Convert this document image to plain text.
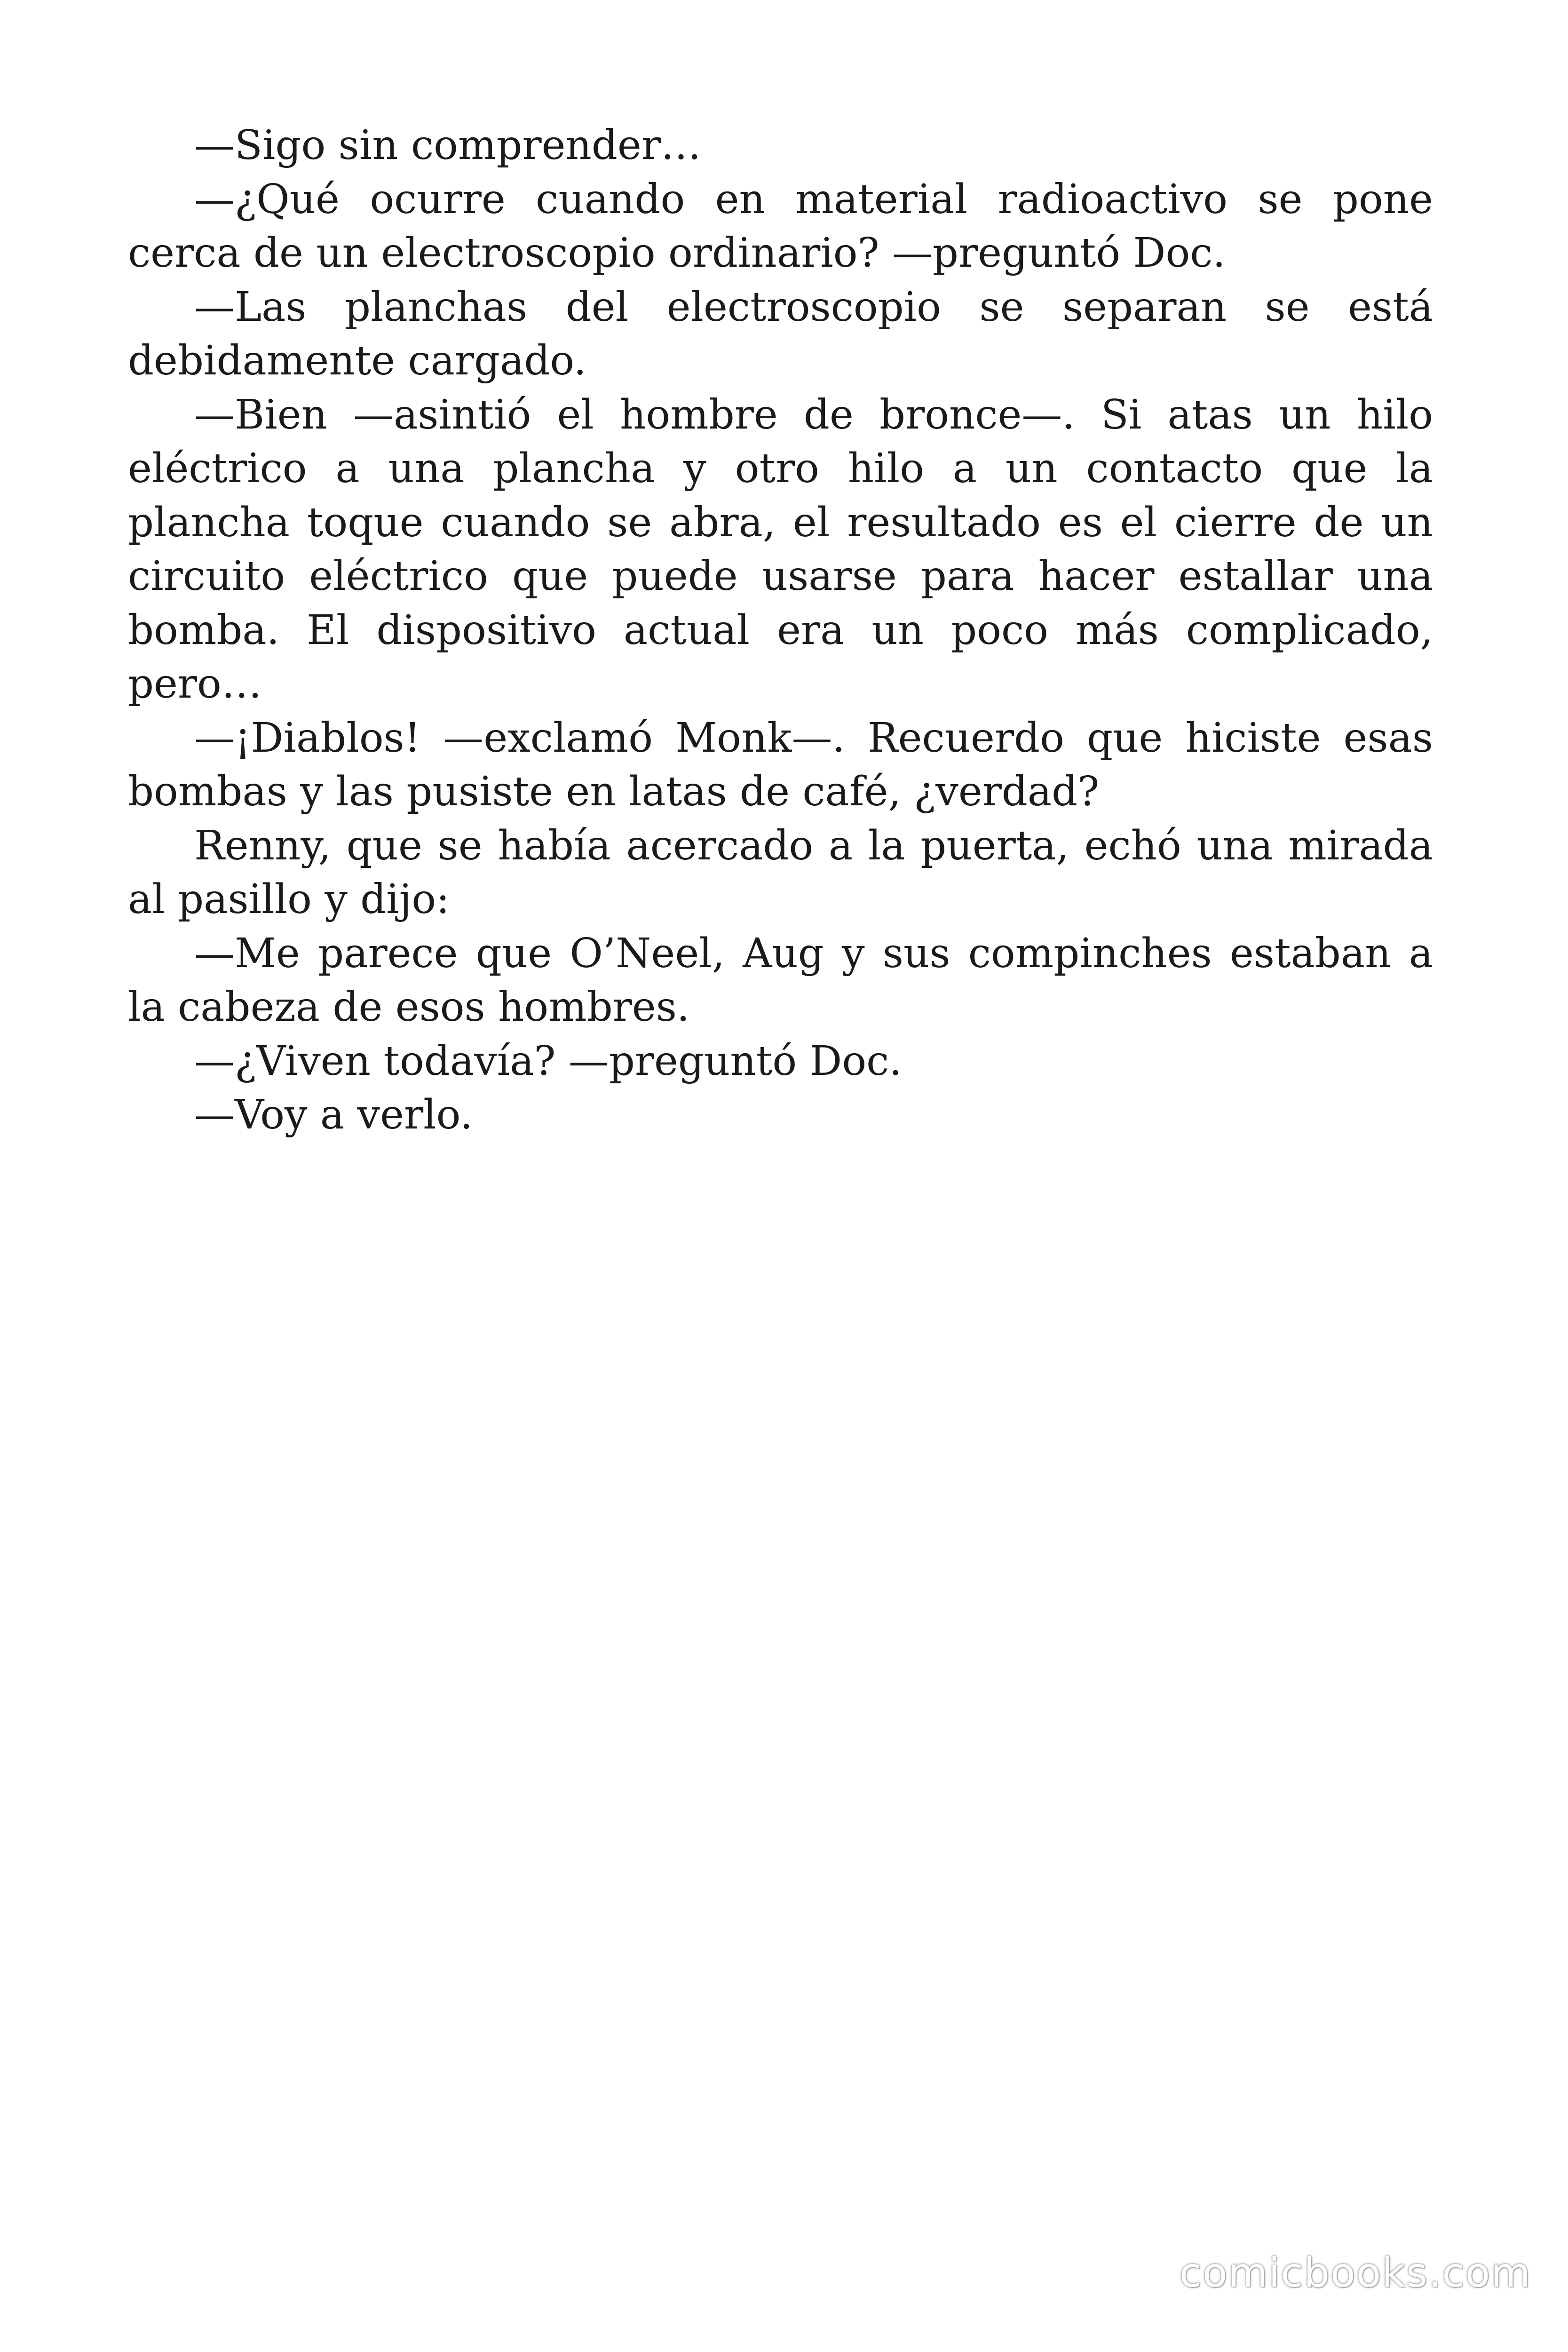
—Sigo sin comprender…

—¿Qué ocurre cuando en material radioactivo se pone cerca de un electroscopio ordinario? —preguntó Doc.

—Las planchas del electroscopio se separan se está debidamente cargado.

—Bien —asintió el hombre de bronce—. Si atas un hilo eléctrico a una plancha y otro hilo a un contacto que la plancha toque cuando se abra, el resultado es el cierre de un circuito eléctrico que puede usarse para hacer estallar una bomba. El dispositivo actual era un poco más complicado, pero…

—¡Diablos! —exclamó Monk—. Recuerdo que hiciste esas bombas y las pusiste en latas de café, ¿verdad?

Renny, que se había acercado a la puerta, echó una mirada al pasillo y dijo:

—Me parece que O’Neel, Aug y sus compinches estaban a la cabeza de esos hombres.

—¿Viven todavía? —preguntó Doc.

—Voy a verlo.

comicbooks.com
